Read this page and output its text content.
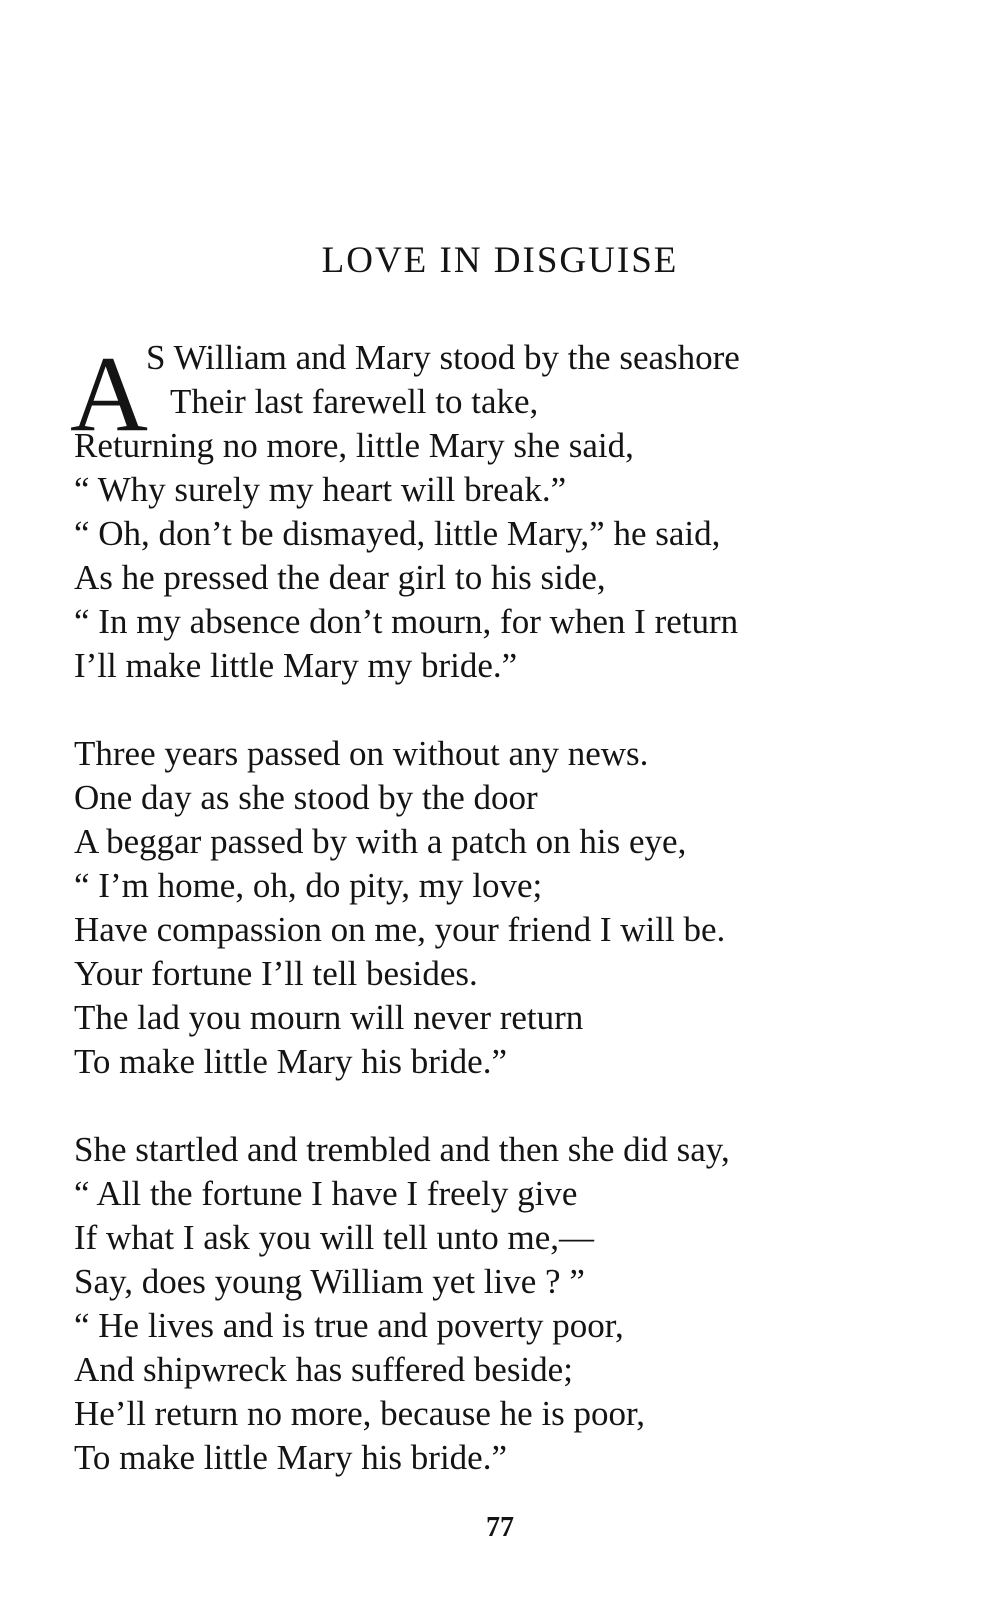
LOVE IN DISGUISE
A
S William and Mary stood by the seashore
Their last farewell to take,
Returning no more, little Mary she said,
“ Why surely my heart will break.”
“ Oh, don’t be dismayed, little Mary,” he said,
As he pressed the dear girl to his side,
“ In my absence don’t mourn, for when I return
I’ll make little Mary my bride.”
Three years passed on without any news.
One day as she stood by the door
A beggar passed by with a patch on his eye,
“ I’m home, oh, do pity, my love;
Have compassion on me, your friend I will be.
Your fortune I’ll tell besides.
The lad you mourn will never return
To make little Mary his bride.”
She startled and trembled and then she did say,
“ All the fortune I have I freely give
If what I ask you will tell unto me,—
Say, does young William yet live ? ”
“ He lives and is true and poverty poor,
And shipwreck has suffered beside;
He’ll return no more, because he is poor,
To make little Mary his bride.”
77
